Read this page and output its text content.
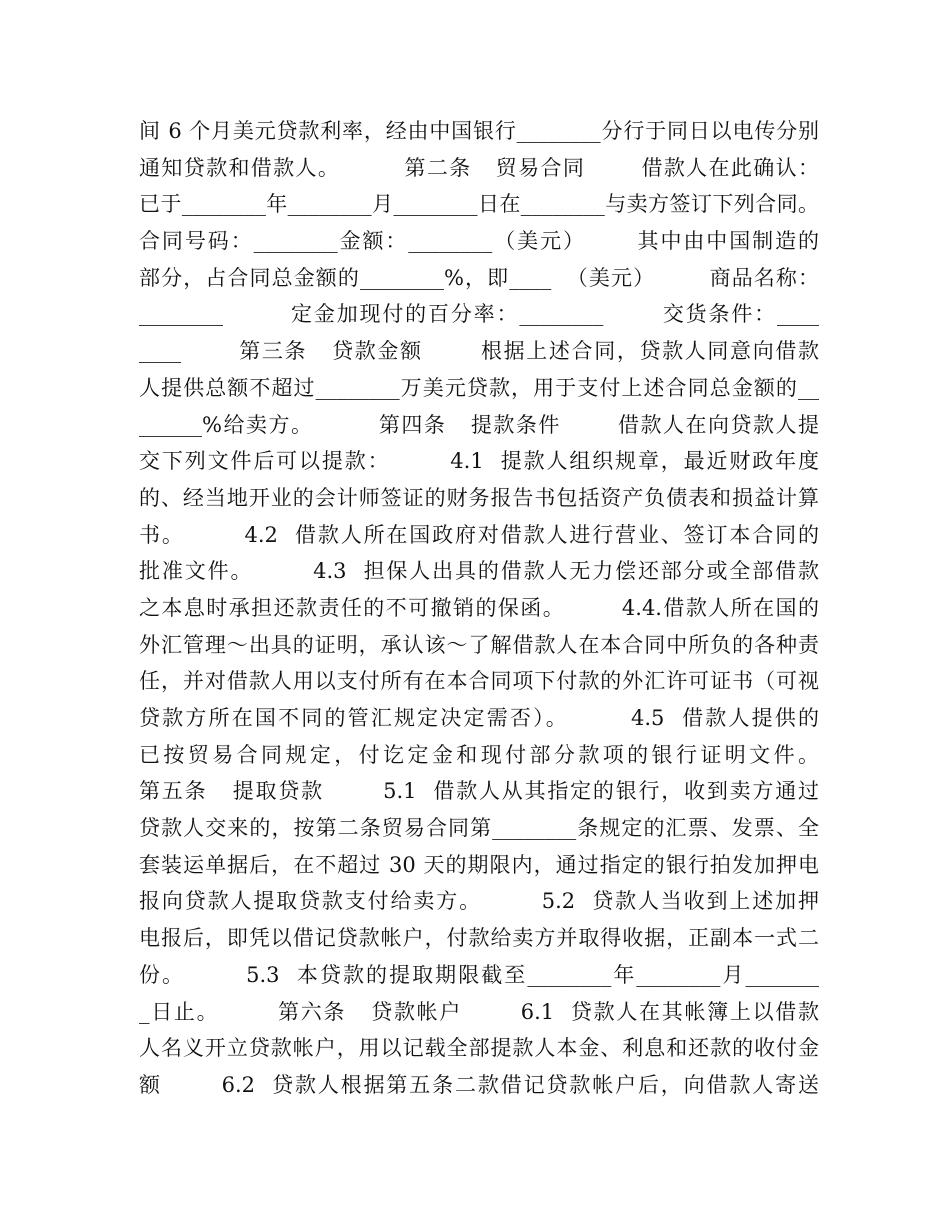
间 6 个月美元贷款利率，经由中国银行________分行于同日以电传分别
通知贷款和借款人。        第二条   贸易合同       借款人在此确认：
已于________年________月________日在________与卖方签订下列合同。
合同号码：________金额：________（美元）      其中由中国制造的
部分，占合同总金额的________%，即____  （美元）       商品名称：
________        定金加现付的百分率：________       交货条件：____
____       第三条   贷款金额       根据上述合同，贷款人同意向借款
人提供总额不超过________万美元贷款，用于支付上述合同总金额的__
______%给卖方。        第四条   提款条件       借款人在向贷款人提
交下列文件后可以提款：       4.1  提款人组织规章，最近财政年度
的、经当地开业的会计师签证的财务报告书包括资产负债表和损益计算
书。       4.2  借款人所在国政府对借款人进行营业、签订本合同的
批准文件。       4.3  担保人出具的借款人无力偿还部分或全部借款
之本息时承担还款责任的不可撤销的保函。       4.4.借款人所在国的
外汇管理～出具的证明，承认该～了解借款人在本合同中所负的各种责
任，并对借款人用以支付所有在本合同项下付款的外汇许可证书（可视
贷款方所在国不同的管汇规定决定需否）。       4.5  借款人提供的
已按贸易合同规定，付讫定金和现付部分款项的银行证明文件。
第五条   提取贷款       5.1  借款人从其指定的银行，收到卖方通过
贷款人交来的，按第二条贸易合同第________条规定的汇票、发票、全
套装运单据后，在不超过 30 天的期限内，通过指定的银行拍发加押电
报向贷款人提取贷款支付给卖方。       5.2  贷款人当收到上述加押
电报后，即凭以借记贷款帐户，付款给卖方并取得收据，正副本一式二
份。       5.3  本贷款的提取期限截至________年________月_______
_日止。       第六条   贷款帐户       6.1  贷款人在其帐簿上以借款
人名义开立贷款帐户，用以记载全部提款人本金、利息和还款的收付金
额       6.2  贷款人根据第五条二款借记贷款帐户后，向借款人寄送
